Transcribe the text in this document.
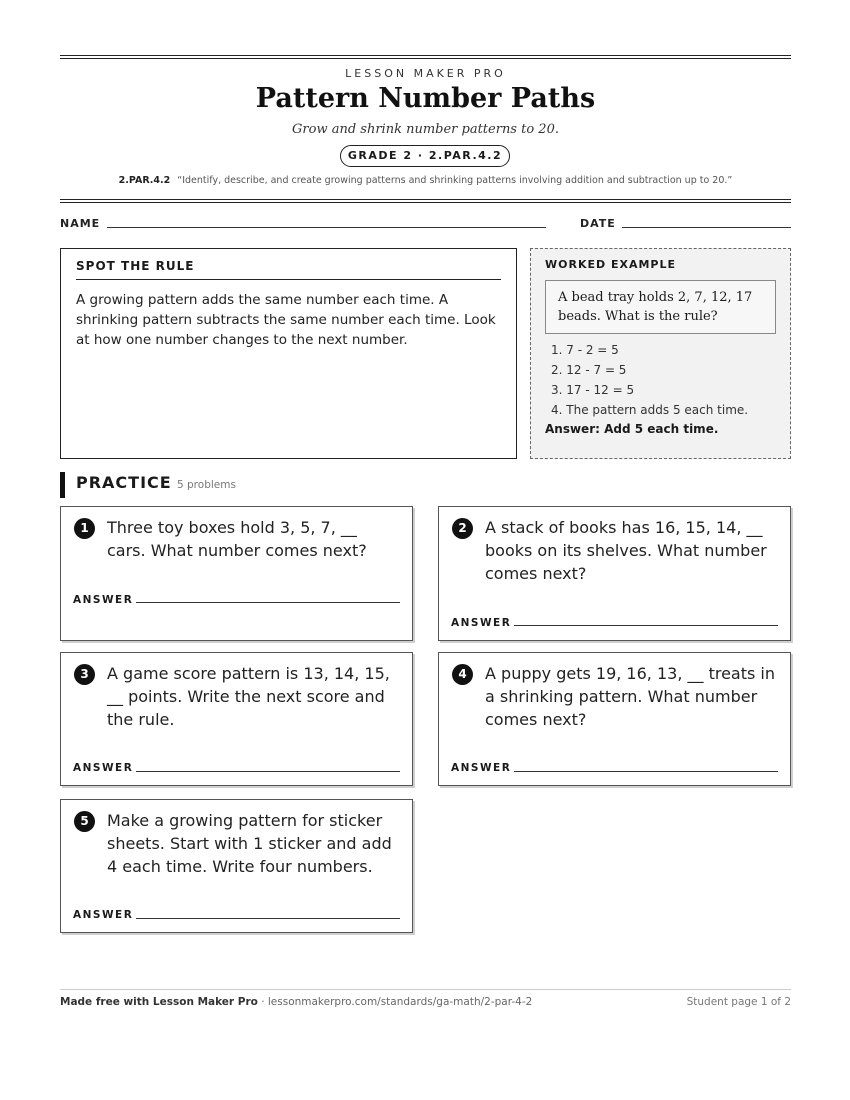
LESSON MAKER PRO
Pattern Number Paths
Grow and shrink number patterns to 20.
GRADE 2 · 2.PAR.4.2
2.PAR.4.2 “Identify, describe, and create growing patterns and shrinking patterns involving addition and subtraction up to 20.”
NAME	DATE
SPOT THE RULE
A growing pattern adds the same number each time. A shrinking pattern subtracts the same number each time. Look at how one number changes to the next number.
WORKED EXAMPLE
A bead tray holds 2, 7, 12, 17 beads. What is the rule?
1. 7 - 2 = 5
2. 12 - 7 = 5
3. 17 - 12 = 5
4. The pattern adds 5 each time.
Answer: Add 5 each time.
PRACTICE 5 problems
1	Three toy boxes hold 3, 5, 7, __ cars. What number comes next?
ANSWER
2	A stack of books has 16, 15, 14, __ books on its shelves. What number comes next?
ANSWER
3	A game score pattern is 13, 14, 15, __ points. Write the next score and the rule.
ANSWER
4	A puppy gets 19, 16, 13, __ treats in a shrinking pattern. What number comes next?
ANSWER
5	Make a growing pattern for sticker sheets. Start with 1 sticker and add 4 each time. Write four numbers.
ANSWER
Made free with Lesson Maker Pro · lessonmakerpro.com/standards/ga-math/2-par-4-2	Student page 1 of 2
